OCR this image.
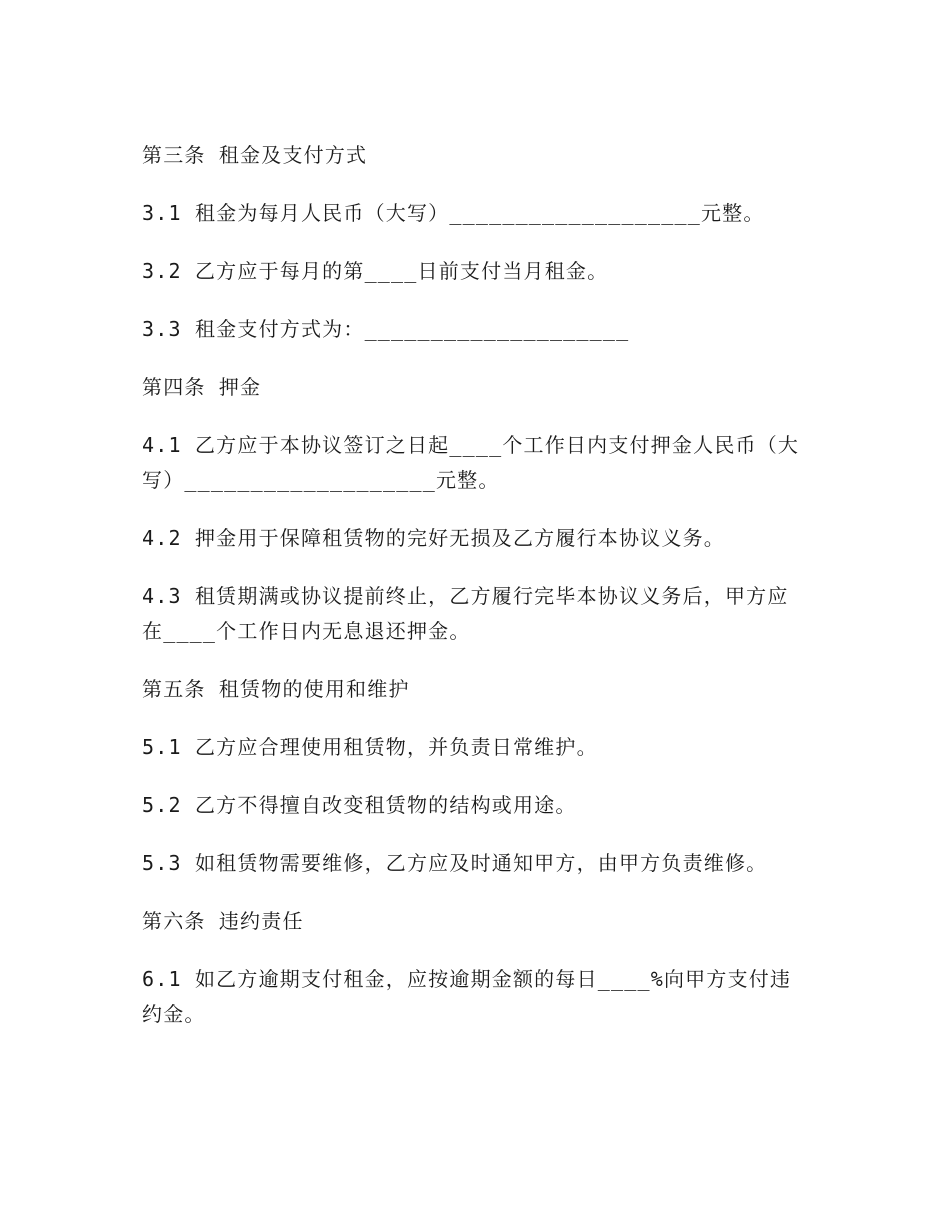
第三条 租金及支付方式

3.1 租金为每月人民币（大写）___________________元整。

3.2 乙方应于每月的第____日前支付当月租金。

3.3 租金支付方式为：____________________

第四条 押金

4.1 乙方应于本协议签订之日起____个工作日内支付押金人民币（大写）___________________元整。

4.2 押金用于保障租赁物的完好无损及乙方履行本协议义务。

4.3 租赁期满或协议提前终止，乙方履行完毕本协议义务后，甲方应在____个工作日内无息退还押金。

第五条 租赁物的使用和维护

5.1 乙方应合理使用租赁物，并负责日常维护。

5.2 乙方不得擅自改变租赁物的结构或用途。

5.3 如租赁物需要维修，乙方应及时通知甲方，由甲方负责维修。

第六条 违约责任

6.1 如乙方逾期支付租金，应按逾期金额的每日____%向甲方支付违约金。
